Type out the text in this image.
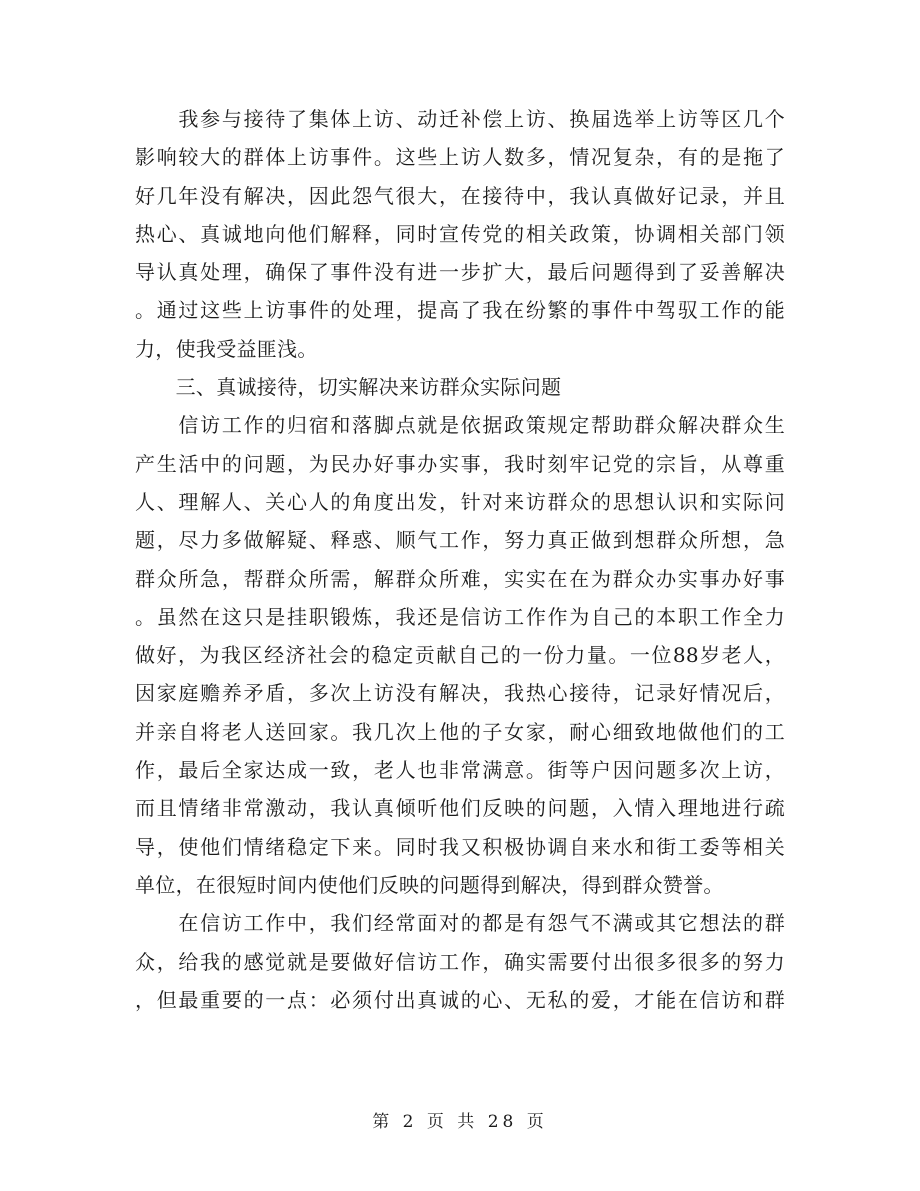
　　我参与接待了集体上访、动迁补偿上访、换届选举上访等区几个
影响较大的群体上访事件。这些上访人数多，情况复杂，有的是拖了
好几年没有解决，因此怨气很大，在接待中，我认真做好记录，并且
热心、真诚地向他们解释，同时宣传党的相关政策，协调相关部门领
导认真处理，确保了事件没有进一步扩大，最后问题得到了妥善解决
。通过这些上访事件的处理，提高了我在纷繁的事件中驾驭工作的能
力，使我受益匪浅。
　　三、真诚接待，切实解决来访群众实际问题
　　信访工作的归宿和落脚点就是依据政策规定帮助群众解决群众生
产生活中的问题，为民办好事办实事，我时刻牢记党的宗旨，从尊重
人、理解人、关心人的角度出发，针对来访群众的思想认识和实际问
题，尽力多做解疑、释惑、顺气工作，努力真正做到想群众所想，急
群众所急，帮群众所需，解群众所难，实实在在为群众办实事办好事
。虽然在这只是挂职锻炼，我还是信访工作作为自己的本职工作全力
做好，为我区经济社会的稳定贡献自己的一份力量。一位88岁老人，
因家庭赡养矛盾，多次上访没有解决，我热心接待，记录好情况后，
并亲自将老人送回家。我几次上他的子女家，耐心细致地做他们的工
作，最后全家达成一致，老人也非常满意。街等户因问题多次上访，
而且情绪非常激动，我认真倾听他们反映的问题，入情入理地进行疏
导，使他们情绪稳定下来。同时我又积极协调自来水和街工委等相关
单位，在很短时间内使他们反映的问题得到解决，得到群众赞誉。
　　在信访工作中，我们经常面对的都是有怨气不满或其它想法的群
众，给我的感觉就是要做好信访工作，确实需要付出很多很多的努力
，但最重要的一点：必须付出真诚的心、无私的爱，才能在信访和群
第 2 页 共 28 页
